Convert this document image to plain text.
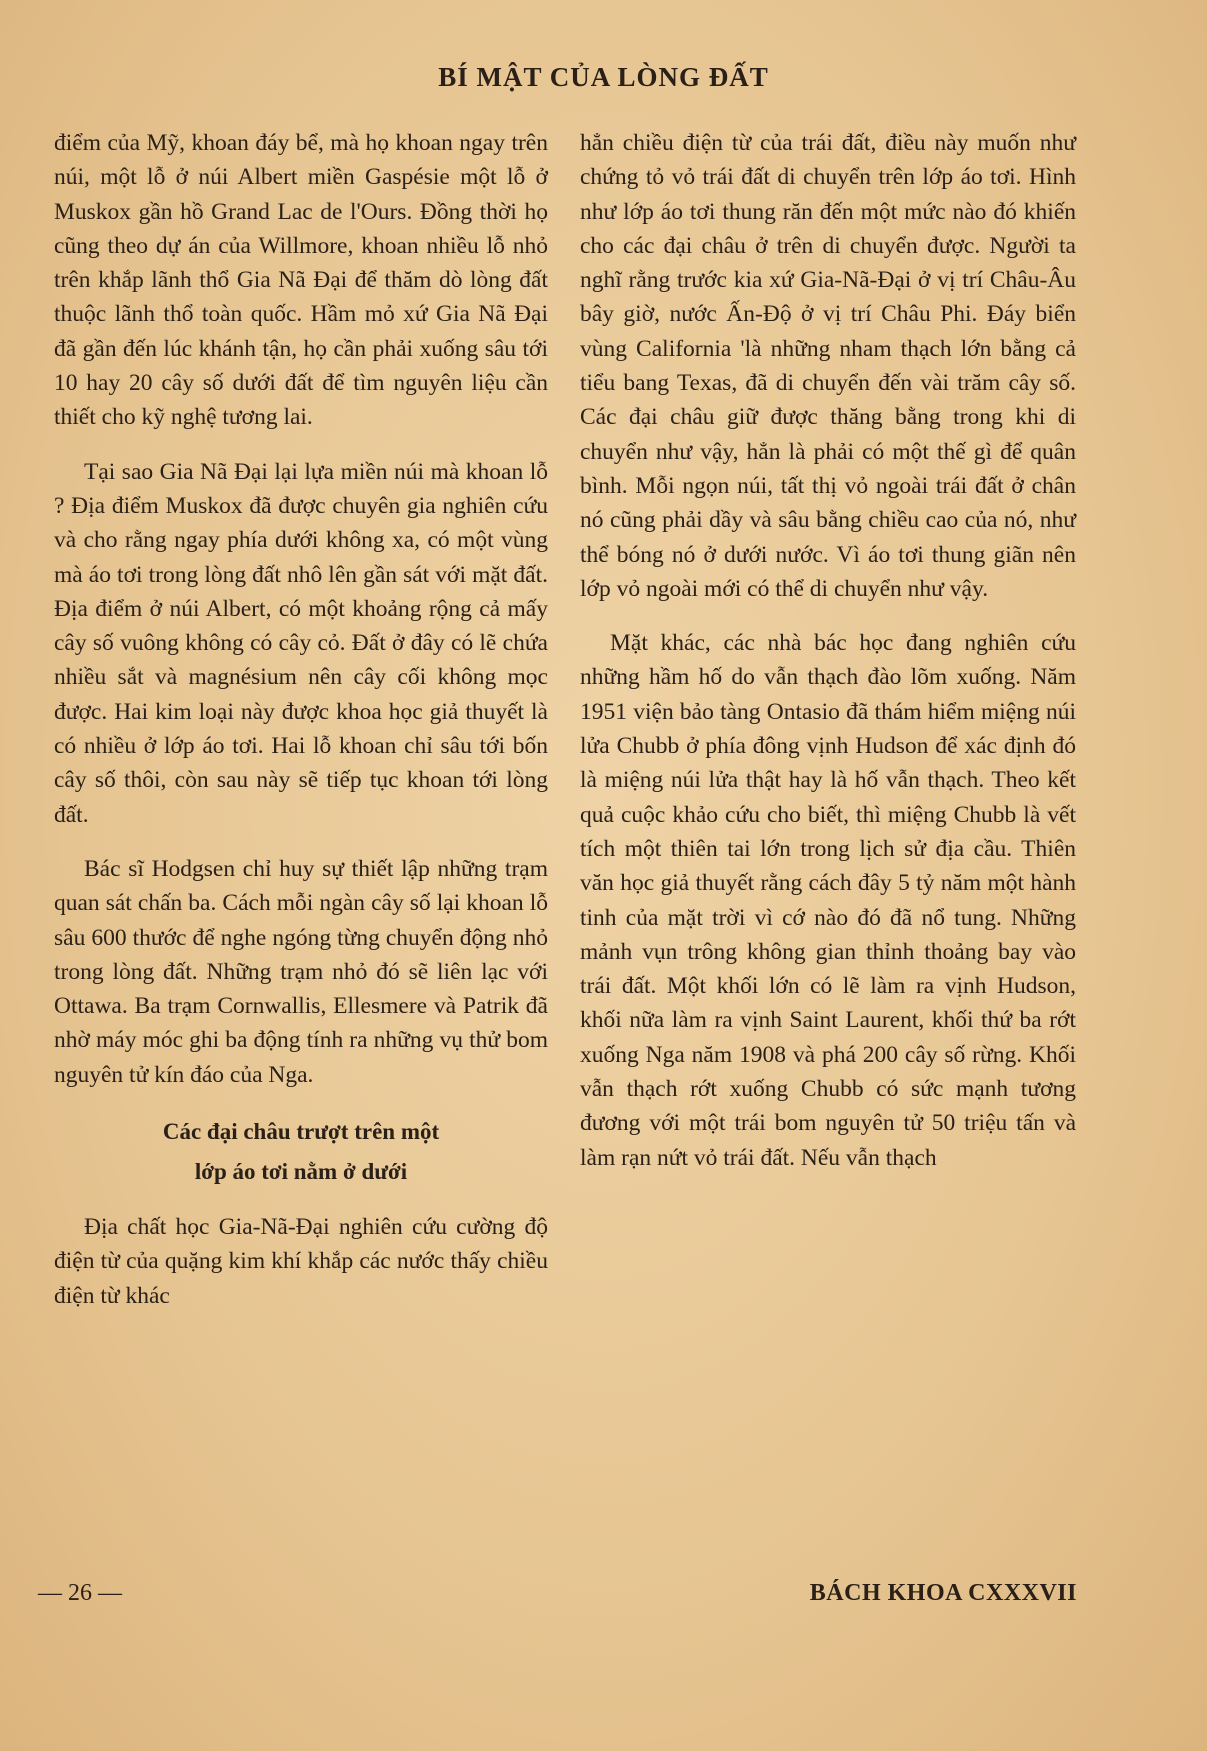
BÍ MẬT CỦA LÒNG ĐẤT

điểm của Mỹ, khoan đáy bể, mà họ khoan ngay trên núi, một lỗ ở núi Albert miền Gaspésie một lỗ ở Muskox gần hồ Grand Lac de l'Ours. Đồng thời họ cũng theo dự án của Willmore, khoan nhiều lỗ nhỏ trên khắp lãnh thổ Gia Nã Đại để thăm dò lòng đất thuộc lãnh thổ toàn quốc. Hầm mỏ xứ Gia Nã Đại đã gần đến lúc khánh tận, họ cần phải xuống sâu tới 10 hay 20 cây số dưới đất để tìm nguyên liệu cần thiết cho kỹ nghệ tương lai.

Tại sao Gia Nã Đại lại lựa miền núi mà khoan lỗ ? Địa điểm Muskox đã được chuyên gia nghiên cứu và cho rằng ngay phía dưới không xa, có một vùng mà áo tơi trong lòng đất nhô lên gần sát với mặt đất. Địa điểm ở núi Albert, có một khoảng rộng cả mấy cây số vuông không có cây cỏ. Đất ở đây có lẽ chứa nhiều sắt và magnésium nên cây cối không mọc được. Hai kim loại này được khoa học giả thuyết là có nhiều ở lớp áo tơi. Hai lỗ khoan chỉ sâu tới bốn cây số thôi, còn sau này sẽ tiếp tục khoan tới lòng đất.

Bác sĩ Hodgsen chỉ huy sự thiết lập những trạm quan sát chấn ba. Cách mỗi ngàn cây số lại khoan lỗ sâu 600 thước để nghe ngóng từng chuyển động nhỏ trong lòng đất. Những trạm nhỏ đó sẽ liên lạc với Ottawa. Ba trạm Cornwallis, Ellesmere và Patrik đã nhờ máy móc ghi ba động tính ra những vụ thử bom nguyên tử kín đáo của Nga.

Các đại châu trượt trên một
lớp áo tơi nằm ở dưới

Địa chất học Gia-Nã-Đại nghiên cứu cường độ điện từ của quặng kim khí khắp các nước thấy chiều điện từ khác

hẳn chiều điện từ của trái đất, điều này muốn như chứng tỏ vỏ trái đất di chuyển trên lớp áo tơi. Hình như lớp áo tơi thung răn đến một mức nào đó khiến cho các đại châu ở trên di chuyển được. Người ta nghĩ rằng trước kia xứ Gia-Nã-Đại ở vị trí Châu-Âu bây giờ, nước Ấn-Độ ở vị trí Châu Phi. Đáy biển vùng California 'là những nham thạch lớn bằng cả tiểu bang Texas, đã di chuyển đến vài trăm cây số. Các đại châu giữ được thăng bằng trong khi di chuyển như vậy, hẳn là phải có một thế gì để quân bình. Mỗi ngọn núi, tất thị vỏ ngoài trái đất ở chân nó cũng phải dầy và sâu bằng chiều cao của nó, như thể bóng nó ở dưới nước. Vì áo tơi thung giãn nên lớp vỏ ngoài mới có thể di chuyển như vậy.

Mặt khác, các nhà bác học đang nghiên cứu những hầm hố do vẫn thạch đào lõm xuống. Năm 1951 viện bảo tàng Ontasio đã thám hiểm miệng núi lửa Chubb ở phía đông vịnh Hudson để xác định đó là miệng núi lửa thật hay là hố vẫn thạch. Theo kết quả cuộc khảo cứu cho biết, thì miệng Chubb là vết tích một thiên tai lớn trong lịch sử địa cầu. Thiên văn học giả thuyết rằng cách đây 5 tỷ năm một hành tinh của mặt trời vì cớ nào đó đã nổ tung. Những mảnh vụn trông không gian thỉnh thoảng bay vào trái đất. Một khối lớn có lẽ làm ra vịnh Hudson, khối nữa làm ra vịnh Saint Laurent, khối thứ ba rớt xuống Nga năm 1908 và phá 200 cây số rừng. Khối vẫn thạch rớt xuống Chubb có sức mạnh tương đương với một trái bom nguyên tử 50 triệu tấn và làm rạn nứt vỏ trái đất. Nếu vẫn thạch

— 26 —	BÁCH KHOA CXXXVII
